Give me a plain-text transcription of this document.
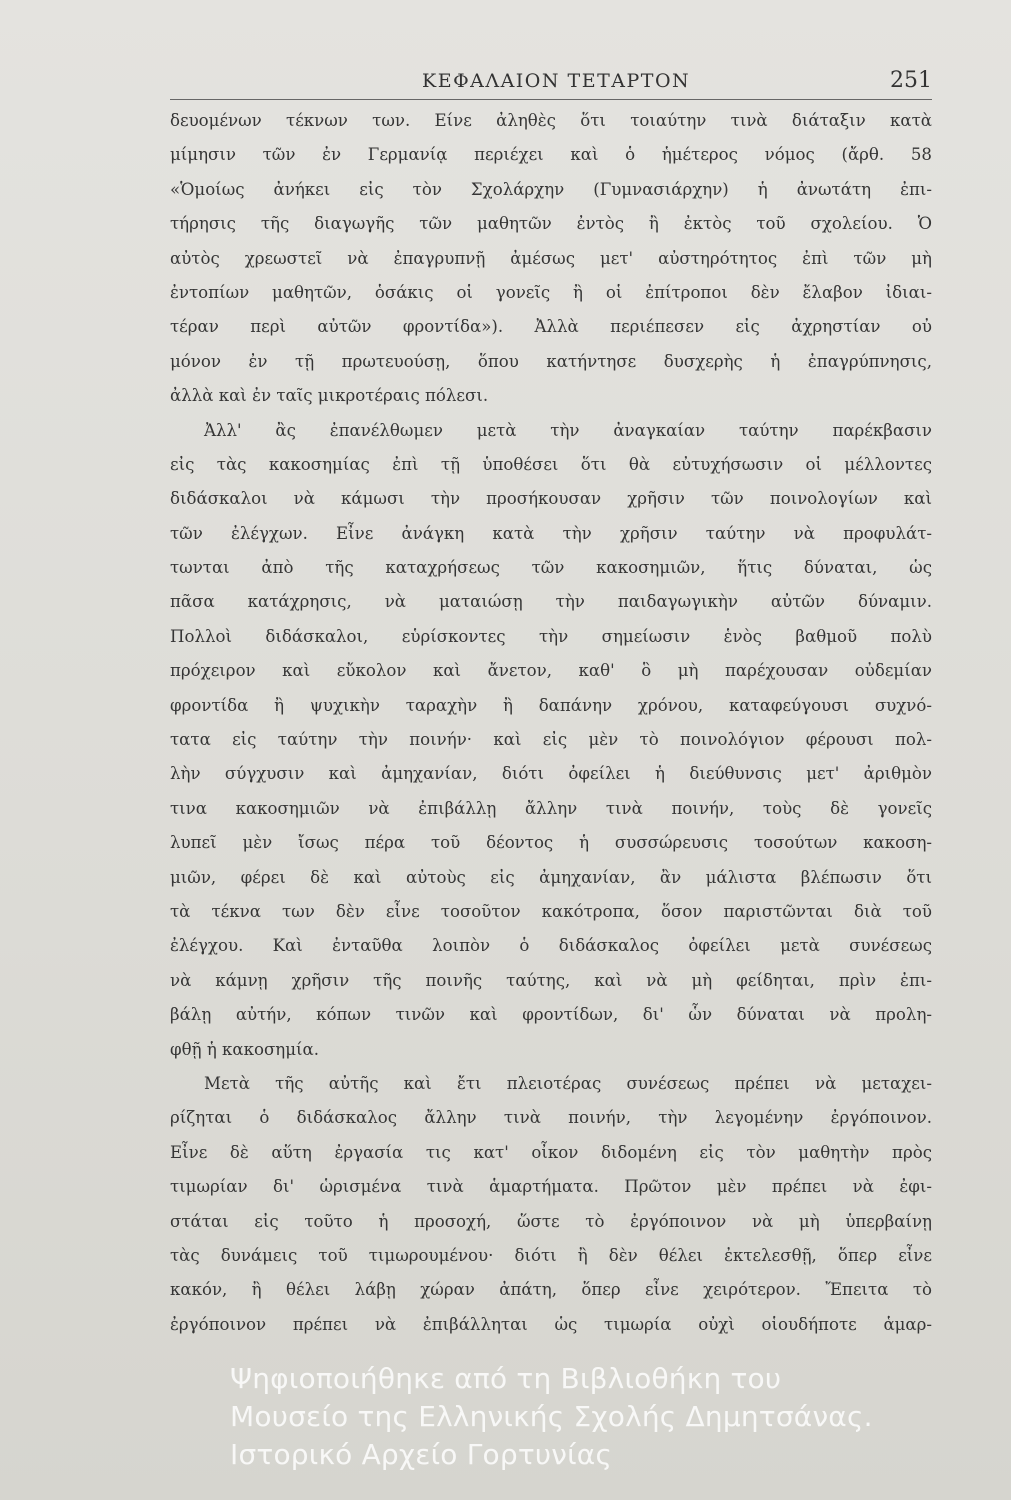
ΚΕΦΑΛΑΙΟΝ ΤΕΤΑΡΤΟΝ	251
δευομένων τέκνων των. Είνε ἀληθὲς ὅτι τοιαύτην τινὰ διάταξιν κατὰ
μίμησιν τῶν ἐν Γερμανίᾳ περιέχει καὶ ὁ ἡμέτερος νόμος (ἄρθ. 58
«Ὁμοίως ἀνήκει εἰς τὸν Σχολάρχην (Γυμνασιάρχην) ἡ ἀνωτάτη ἐπι-
τήρησις τῆς διαγωγῆς τῶν μαθητῶν ἐντὸς ἢ ἐκτὸς τοῦ σχολείου. Ὁ
αὐτὸς χρεωστεῖ νὰ ἐπαγρυπνῇ ἀμέσως μετ' αὐστηρότητος ἐπὶ τῶν μὴ
ἐντοπίων μαθητῶν, ὁσάκις οἱ γονεῖς ἢ οἱ ἐπίτροποι δὲν ἔλαβον ἰδιαι-
τέραν περὶ αὐτῶν φροντίδα»). Ἀλλὰ περιέπεσεν εἰς ἀχρηστίαν οὐ
μόνον ἐν τῇ πρωτευούσῃ, ὅπου κατήντησε δυσχερὴς ἡ ἐπαγρύπνησις,
ἀλλὰ καὶ ἐν ταῖς μικροτέραις πόλεσι.
Ἀλλ' ἂς ἐπανέλθωμεν μετὰ τὴν ἀναγκαίαν ταύτην παρέκβασιν
εἰς τὰς κακοσημίας ἐπὶ τῇ ὑποθέσει ὅτι θὰ εὐτυχήσωσιν οἱ μέλλοντες
διδάσκαλοι νὰ κάμωσι τὴν προσήκουσαν χρῆσιν τῶν ποινολογίων καὶ
τῶν ἐλέγχων. Εἶνε ἀνάγκη κατὰ τὴν χρῆσιν ταύτην νὰ προφυλάτ-
τωνται ἀπὸ τῆς καταχρήσεως τῶν κακοσημιῶν, ἥτις δύναται, ὡς
πᾶσα κατάχρησις, νὰ ματαιώσῃ τὴν παιδαγωγικὴν αὐτῶν δύναμιν.
Πολλοὶ διδάσκαλοι, εὑρίσκοντες τὴν σημείωσιν ἑνὸς βαθμοῦ πολὺ
πρόχειρον καὶ εὔκολον καὶ ἄνετον, καθ' ὃ μὴ παρέχουσαν οὐδεμίαν
φροντίδα ἢ ψυχικὴν ταραχὴν ἢ δαπάνην χρόνου, καταφεύγουσι συχνό-
τατα εἰς ταύτην τὴν ποινήν· καὶ εἰς μὲν τὸ ποινολόγιον φέρουσι πολ-
λὴν σύγχυσιν καὶ ἀμηχανίαν, διότι ὀφείλει ἡ διεύθυνσις μετ' ἀριθμὸν
τινα κακοσημιῶν νὰ ἐπιβάλλῃ ἄλλην τινὰ ποινήν, τοὺς δὲ γονεῖς
λυπεῖ μὲν ἴσως πέρα τοῦ δέοντος ἡ συσσώρευσις τοσούτων κακοση-
μιῶν, φέρει δὲ καὶ αὐτοὺς εἰς ἀμηχανίαν, ἂν μάλιστα βλέπωσιν ὅτι
τὰ τέκνα των δὲν εἶνε τοσοῦτον κακότροπα, ὅσον παριστῶνται διὰ τοῦ
ἐλέγχου. Καὶ ἐνταῦθα λοιπὸν ὁ διδάσκαλος ὀφείλει μετὰ συνέσεως
νὰ κάμνῃ χρῆσιν τῆς ποινῆς ταύτης, καὶ νὰ μὴ φείδηται, πρὶν ἐπι-
βάλῃ αὐτήν, κόπων τινῶν καὶ φροντίδων, δι' ὧν δύναται νὰ προλη-
φθῇ ἡ κακοσημία.
Μετὰ τῆς αὐτῆς καὶ ἔτι πλειοτέρας συνέσεως πρέπει νὰ μεταχει-
ρίζηται ὁ διδάσκαλος ἄλλην τινὰ ποινήν, τὴν λεγομένην ἐργόποινον.
Εἶνε δὲ αὕτη ἐργασία τις κατ' οἶκον διδομένη εἰς τὸν μαθητὴν πρὸς
τιμωρίαν δι' ὡρισμένα τινὰ ἁμαρτήματα. Πρῶτον μὲν πρέπει νὰ ἐφι-
στάται εἰς τοῦτο ἡ προσοχή, ὥστε τὸ ἐργόποινον νὰ μὴ ὑπερβαίνῃ
τὰς δυνάμεις τοῦ τιμωρουμένου· διότι ἢ δὲν θέλει ἐκτελεσθῇ, ὅπερ εἶνε
κακόν, ἢ θέλει λάβῃ χώραν ἀπάτη, ὅπερ εἶνε χειρότερον. Ἔπειτα τὸ
ἐργόποινον πρέπει νὰ ἐπιβάλληται ὡς τιμωρία οὐχὶ οἱουδήποτε ἁμαρ-
Ψηφιοποιήθηκε από τη Βιβλιοθήκη του
Μουσείο της Ελληνικής Σχολής Δημητσάνας.
Ιστορικό Αρχείο Γορτυνίας
